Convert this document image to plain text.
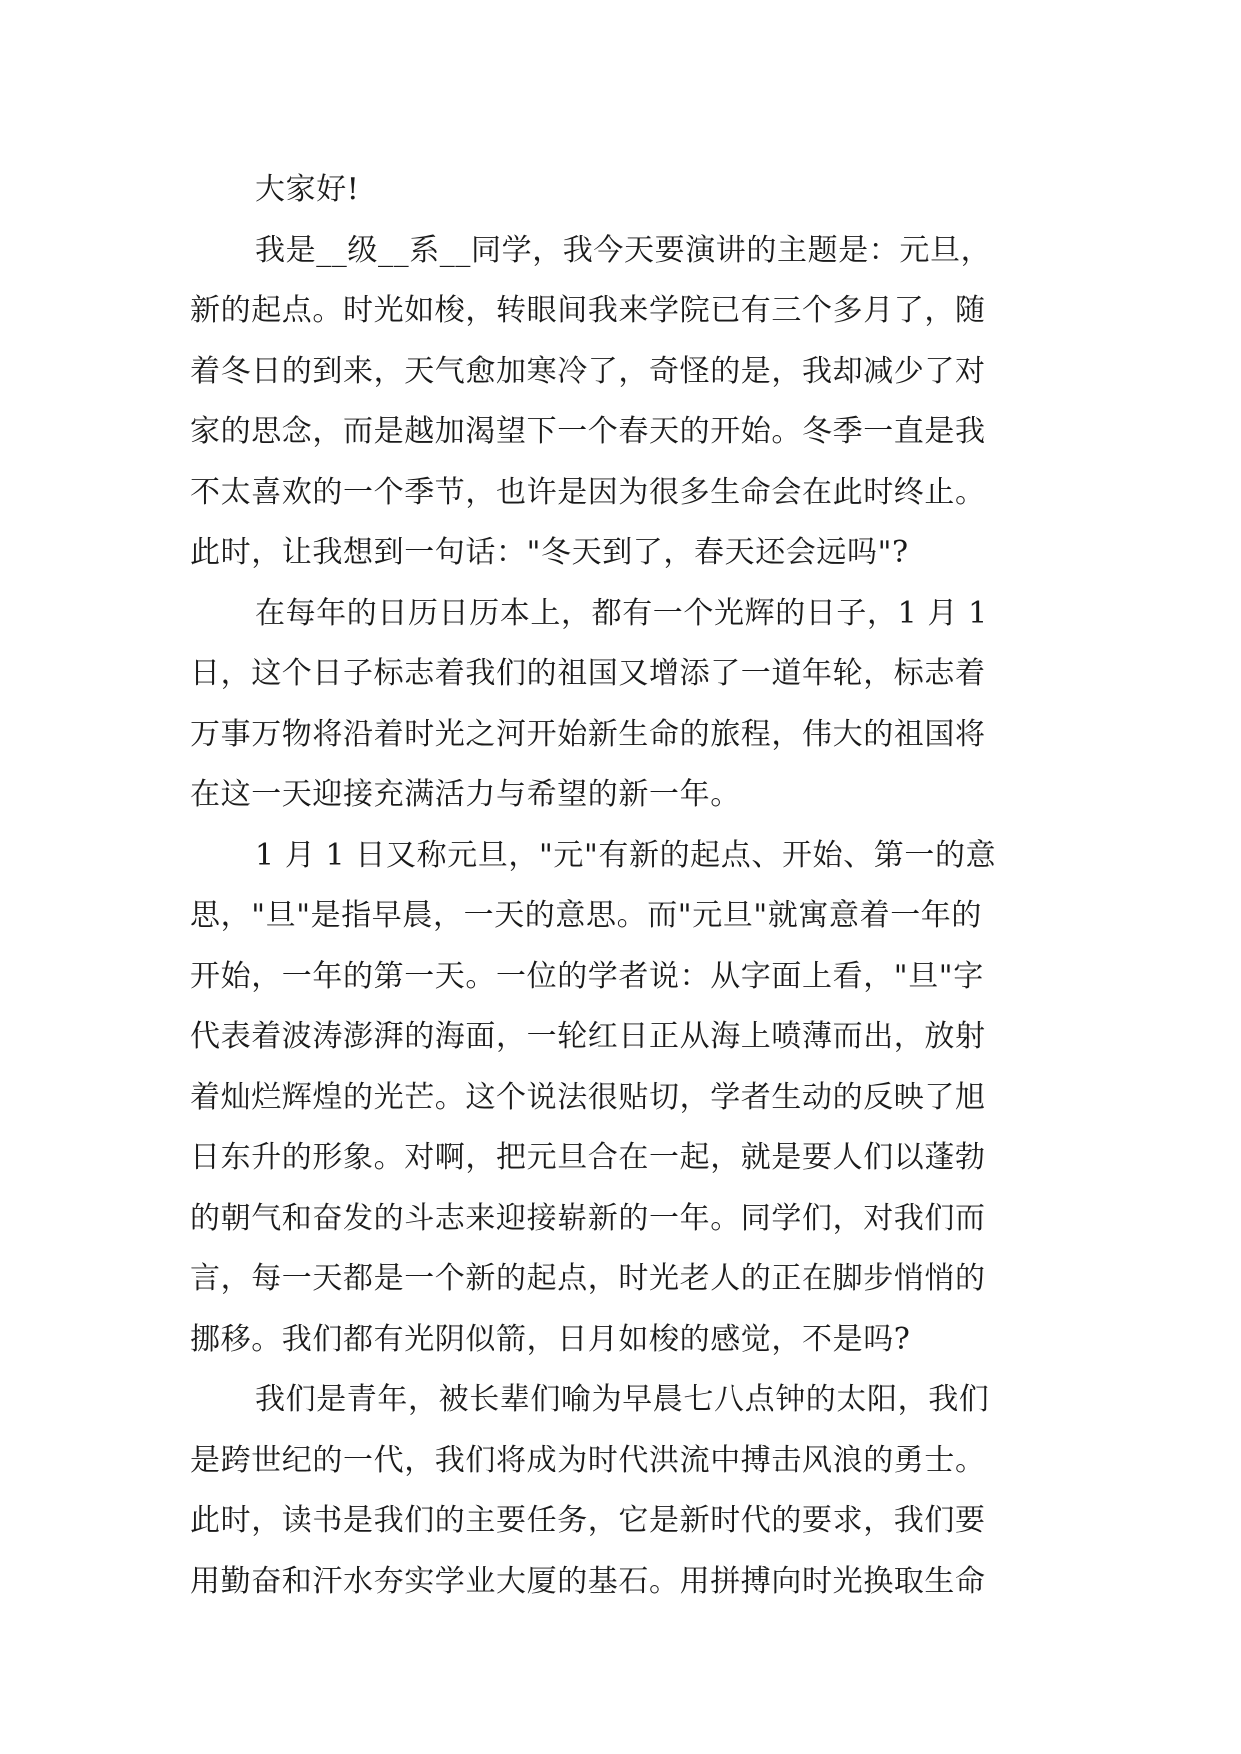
大家好!
我是__级__系__同学，我今天要演讲的主题是：元旦，
新的起点。时光如梭，转眼间我来学院已有三个多月了，随
着冬日的到来，天气愈加寒冷了，奇怪的是，我却减少了对
家的思念，而是越加渴望下一个春天的开始。冬季一直是我
不太喜欢的一个季节，也许是因为很多生命会在此时终止。
此时，让我想到一句话："冬天到了，春天还会远吗"?
在每年的日历日历本上，都有一个光辉的日子，1 月 1
日，这个日子标志着我们的祖国又增添了一道年轮，标志着
万事万物将沿着时光之河开始新生命的旅程，伟大的祖国将
在这一天迎接充满活力与希望的新一年。
1 月 1 日又称元旦，"元"有新的起点、开始、第一的意
思，"旦"是指早晨，一天的意思。而"元旦"就寓意着一年的
开始，一年的第一天。一位的学者说：从字面上看，"旦"字
代表着波涛澎湃的海面，一轮红日正从海上喷薄而出，放射
着灿烂辉煌的光芒。这个说法很贴切，学者生动的反映了旭
日东升的形象。对啊，把元旦合在一起，就是要人们以蓬勃
的朝气和奋发的斗志来迎接崭新的一年。同学们，对我们而
言，每一天都是一个新的起点，时光老人的正在脚步悄悄的
挪移。我们都有光阴似箭，日月如梭的感觉，不是吗?
我们是青年，被长辈们喻为早晨七八点钟的太阳，我们
是跨世纪的一代，我们将成为时代洪流中搏击风浪的勇士。
此时，读书是我们的主要任务，它是新时代的要求，我们要
用勤奋和汗水夯实学业大厦的基石。用拼搏向时光换取生命
